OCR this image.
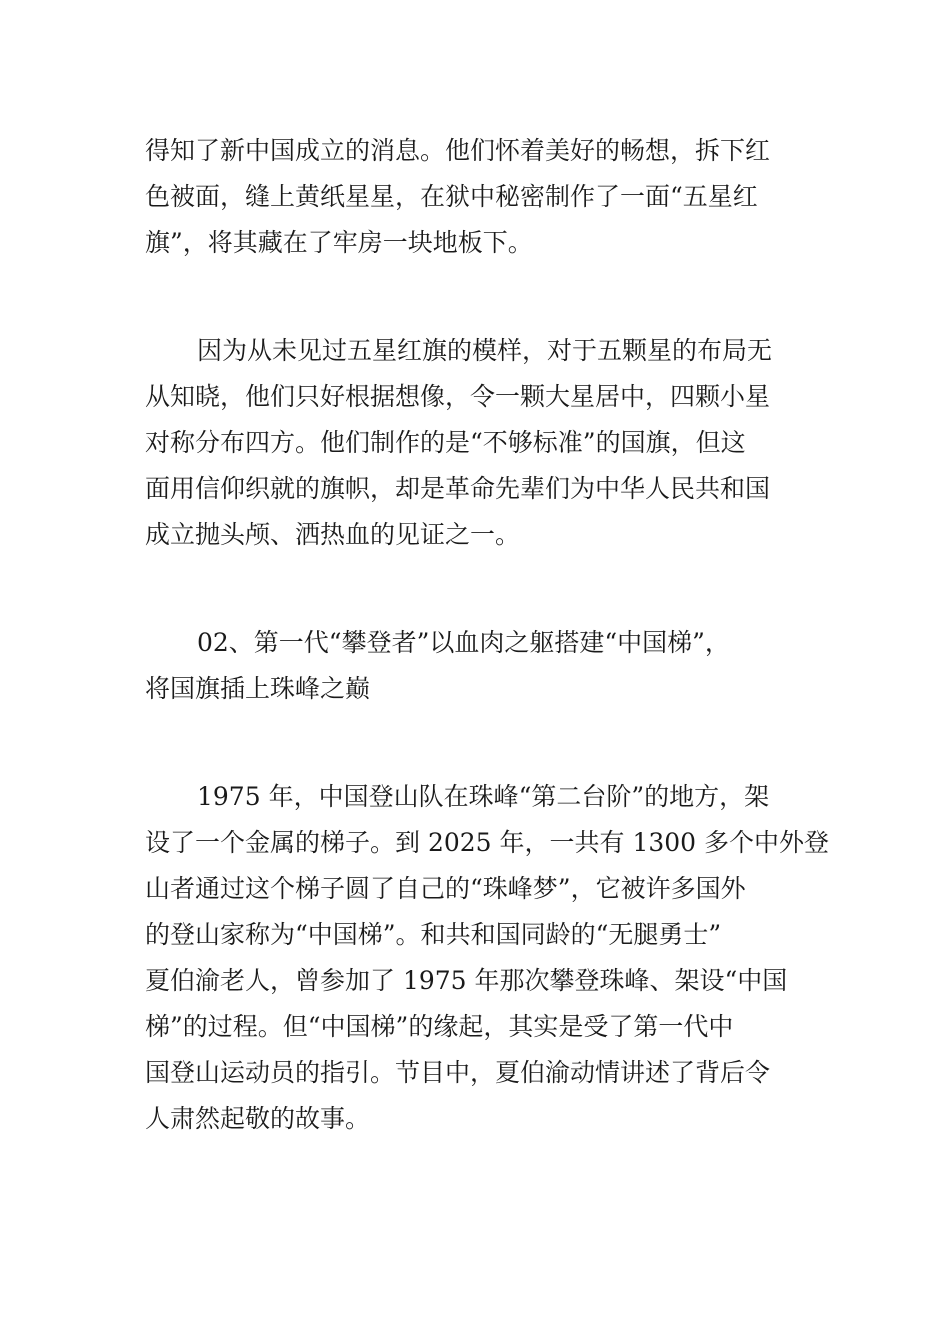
得知了新中国成立的消息。他们怀着美好的畅想，拆下红
色被面，缝上黄纸星星，在狱中秘密制作了一面“五星红
旗”，将其藏在了牢房一块地板下。
因为从未见过五星红旗的模样，对于五颗星的布局无
从知晓，他们只好根据想像，令一颗大星居中，四颗小星
对称分布四方。他们制作的是“不够标准”的国旗，但这
面用信仰织就的旗帜，却是革命先辈们为中华人民共和国
成立抛头颅、洒热血的见证之一。
02、第一代“攀登者”以血肉之躯搭建“中国梯”，
将国旗插上珠峰之巅
1975 年，中国登山队在珠峰“第二台阶”的地方，架
设了一个金属的梯子。到 2025 年，一共有 1300 多个中外登
山者通过这个梯子圆了自己的“珠峰梦”，它被许多国外
的登山家称为“中国梯”。和共和国同龄的“无腿勇士”
夏伯渝老人，曾参加了 1975 年那次攀登珠峰、架设“中国
梯”的过程。但“中国梯”的缘起，其实是受了第一代中
国登山运动员的指引。节目中，夏伯渝动情讲述了背后令
人肃然起敬的故事。
